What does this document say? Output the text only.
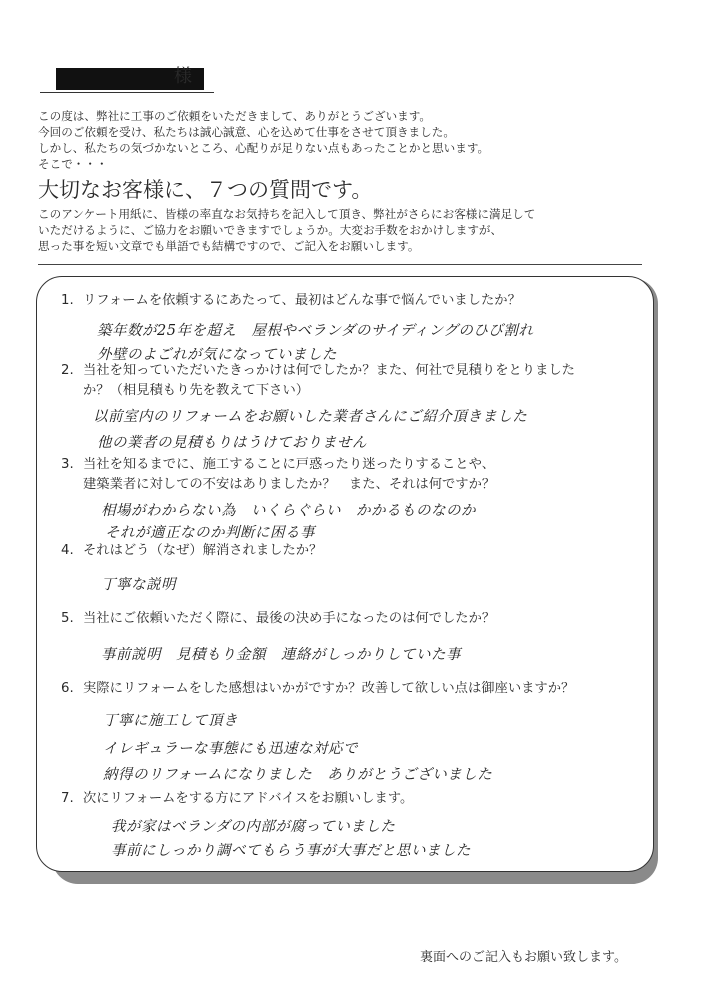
様

この度は、弊社に工事のご依頼をいただきまして、ありがとうございます。

今回のご依頼を受け、私たちは誠心誠意、心を込めて仕事をさせて頂きました。

しかし、私たちの気づかないところ、心配りが足りない点もあったことかと思います。

そこで・・・

大切なお客様に、７つの質問です。

このアンケート用紙に、皆様の率直なお気持ちを記入して頂き、弊社がさらにお客様に満足して

いただけるように、ご協力をお願いできますでしょうか。大変お手数をおかけしますが、

思った事を短い文章でも単語でも結構ですので、ご記入をお願いします。

1. リフォームを依頼するにあたって、最初はどんな事で悩んでいましたか？
築年数が25年を超え　屋根やベランダのサイディングのひび割れ
外壁のよごれが気になっていました
2. 当社を知っていただいたきっかけは何でしたか？また、何社で見積りをとりました
か？（相見積もり先を教えて下さい）
以前室内のリフォームをお願いした業者さんにご紹介頂きました
他の業者の見積もりはうけておりません
3. 当社を知るまでに、施工することに戸惑ったり迷ったりすることや、
建築業者に対しての不安はありましたか？　また、それは何ですか？
相場がわからない為　いくらぐらい　かかるものなのか
それが適正なのか判断に困る事
4. それはどう（なぜ）解消されましたか？
丁寧な説明
5. 当社にご依頼いただく際に、最後の決め手になったのは何でしたか？
事前説明　見積もり金額　連絡がしっかりしていた事
6. 実際にリフォームをした感想はいかがですか？改善して欲しい点は御座いますか？
丁寧に施工して頂き
イレギュラーな事態にも迅速な対応で
納得のリフォームになりました　ありがとうございました
7. 次にリフォームをする方にアドバイスをお願いします。
我が家はベランダの内部が腐っていました
事前にしっかり調べてもらう事が大事だと思いました
裏面へのご記入もお願い致します。
